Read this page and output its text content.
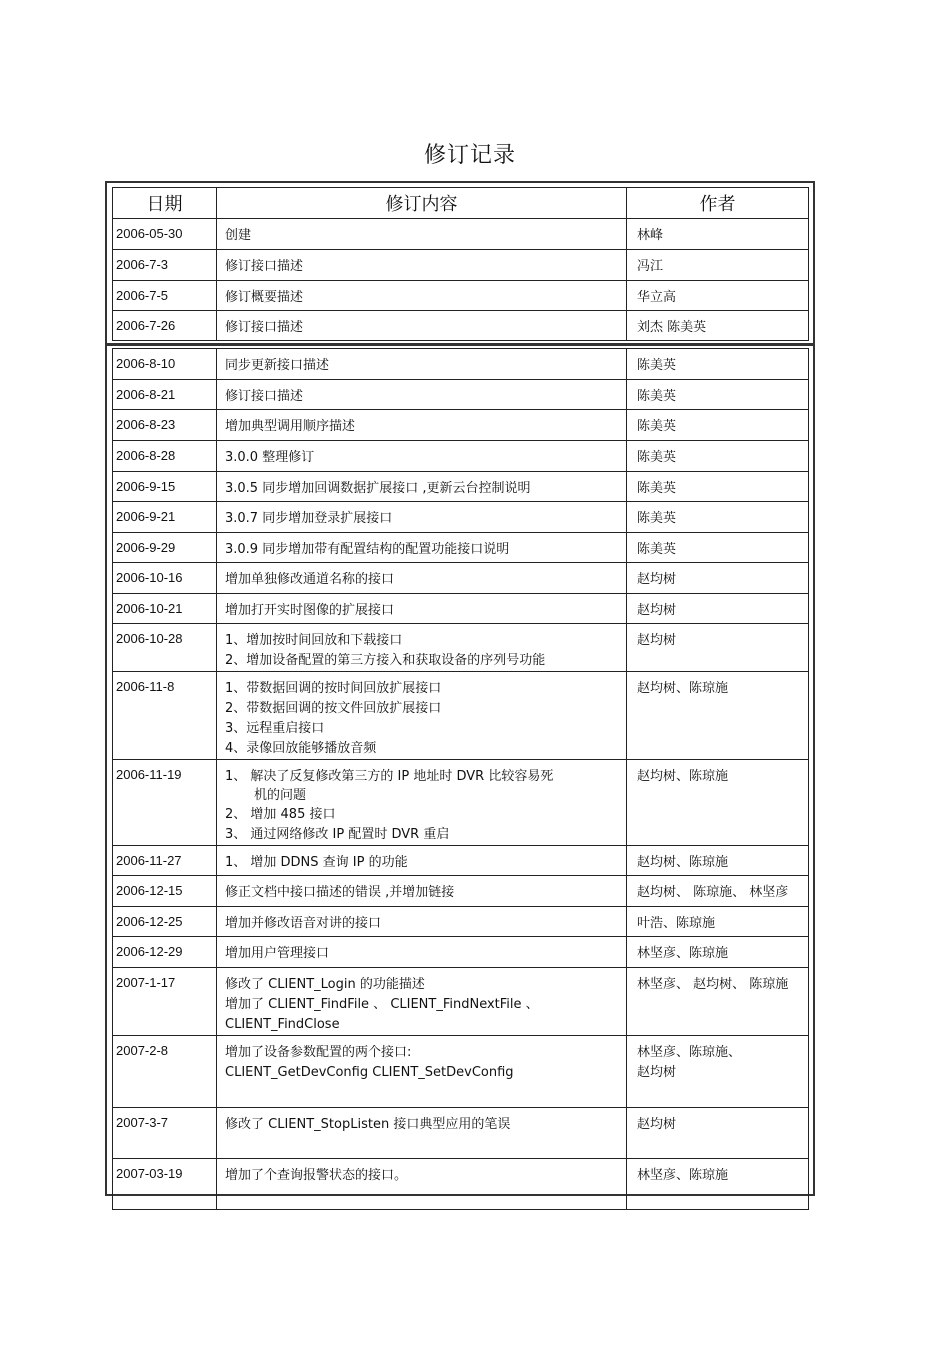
修订记录
日期	修订内容	作者
2006-05-30	创建	林峰

2006-7-3	修订接口描述	冯江

2006-7-5	修订概要描述	华立高

2006-7-26	修订接口描述	刘杰 陈美英
2006-8-10	同步更新接口描述	陈美英

2006-8-21	修订接口描述	陈美英

2006-8-23	增加典型调用顺序描述	陈美英

2006-8-28	3.0.0 整理修订	陈美英

2006-9-15	3.0.5 同步增加回调数据扩展接口 ,更新云台控制说明	陈美英

2006-9-21	3.0.7 同步增加登录扩展接口	陈美英

2006-9-29	3.0.9 同步增加带有配置结构的配置功能接口说明	陈美英

2006-10-16	增加单独修改通道名称的接口	赵均树

2006-10-21	增加打开实时图像的扩展接口	赵均树

2006-10-28	1、增加按时间回放和下载接口
2、增加设备配置的第三方接入和获取设备的序列号功能	赵均树

2006-11-8	1、带数据回调的按时间回放扩展接口
2、带数据回调的按文件回放扩展接口
3、远程重启接口
4、录像回放能够播放音频	赵均树、陈琼施

2006-11-19	1、 解决了反复修改第三方的 IP 地址时 DVR 比较容易死
机的问题
2、 增加 485 接口
3、 通过网络修改 IP 配置时 DVR 重启	赵均树、陈琼施

2006-11-27	1、 增加 DDNS 查询 IP 的功能	赵均树、陈琼施

2006-12-15	修正文档中接口描述的错误 ,并增加链接	赵均树、 陈琼施、 林坚彦

2006-12-25	增加并修改语音对讲的接口	叶浩、陈琼施

2006-12-29	增加用户管理接口	林坚彦、陈琼施

2007-1-17	修改了 CLIENT_Login 的功能描述
增加了 CLIENT_FindFile 、 CLIENT_FindNextFile 、
CLIENT_FindClose	林坚彦、 赵均树、 陈琼施

2007-2-8	增加了设备参数配置的两个接口:
CLIENT_GetDevConfig CLIENT_SetDevConfig	林坚彦、陈琼施、
赵均树

2007-3-7	修改了 CLIENT_StopListen 接口典型应用的笔误	赵均树

2007-03-19	增加了个查询报警状态的接口。	林坚彦、陈琼施
